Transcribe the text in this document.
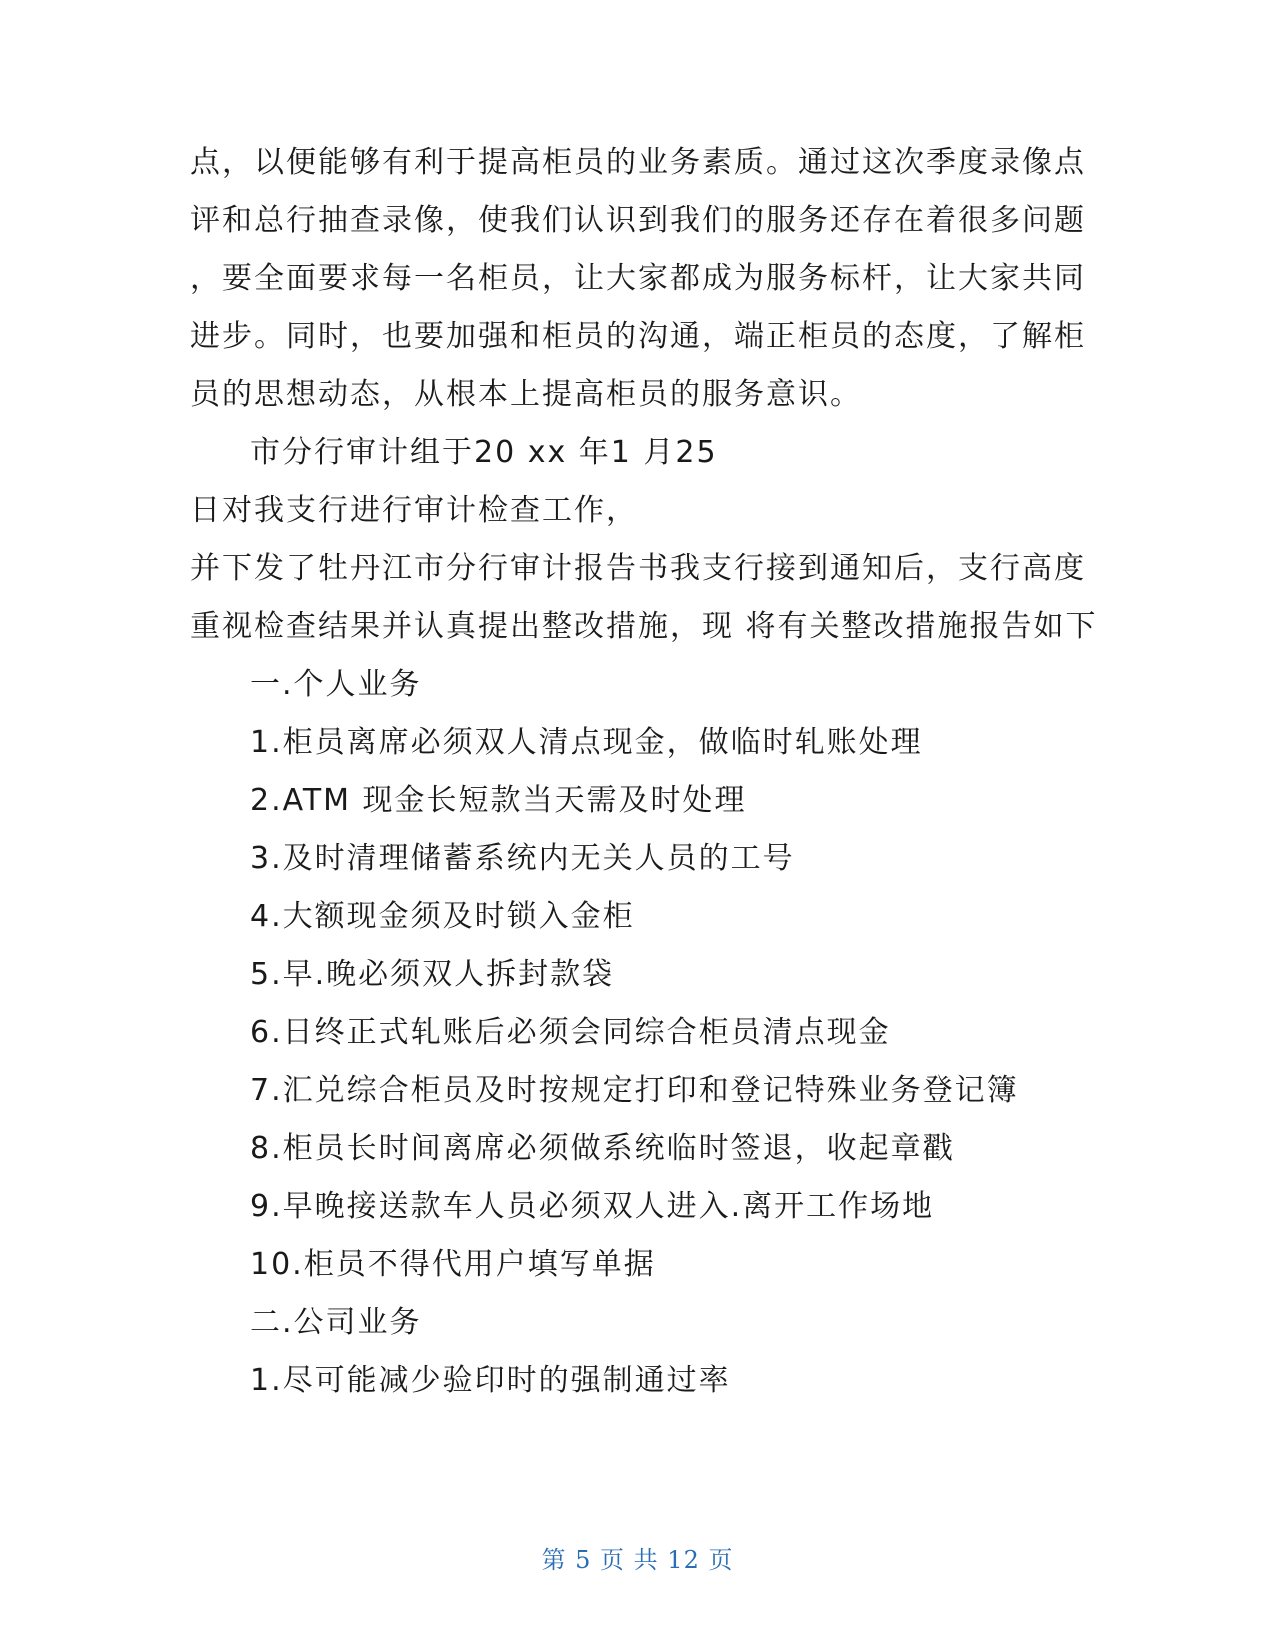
点，以便能够有利于提高柜员的业务素质。通过这次季度录像点
评和总行抽查录像，使我们认识到我们的服务还存在着很多问题
，要全面要求每一名柜员，让大家都成为服务标杆，让大家共同
进步。同时，也要加强和柜员的沟通，端正柜员的态度，了解柜
员的思想动态，从根本上提高柜员的服务意识。
市分行审计组于20 xx 年1 月25
日对我支行进行审计检查工作，
并下发了牡丹江市分行审计报告书我支行接到通知后，支行高度
重视检查结果并认真提出整改措施，现 将有关整改措施报告如下
一.个人业务
1.柜员离席必须双人清点现金，做临时轧账处理
2.ATM 现金长短款当天需及时处理
3.及时清理储蓄系统内无关人员的工号
4.大额现金须及时锁入金柜
5.早.晚必须双人拆封款袋
6.日终正式轧账后必须会同综合柜员清点现金
7.汇兑综合柜员及时按规定打印和登记特殊业务登记簿
8.柜员长时间离席必须做系统临时签退，收起章戳
9.早晚接送款车人员必须双人进入.离开工作场地
10.柜员不得代用户填写单据
二.公司业务
1.尽可能减少验印时的强制通过率
第 5 页 共 12 页
